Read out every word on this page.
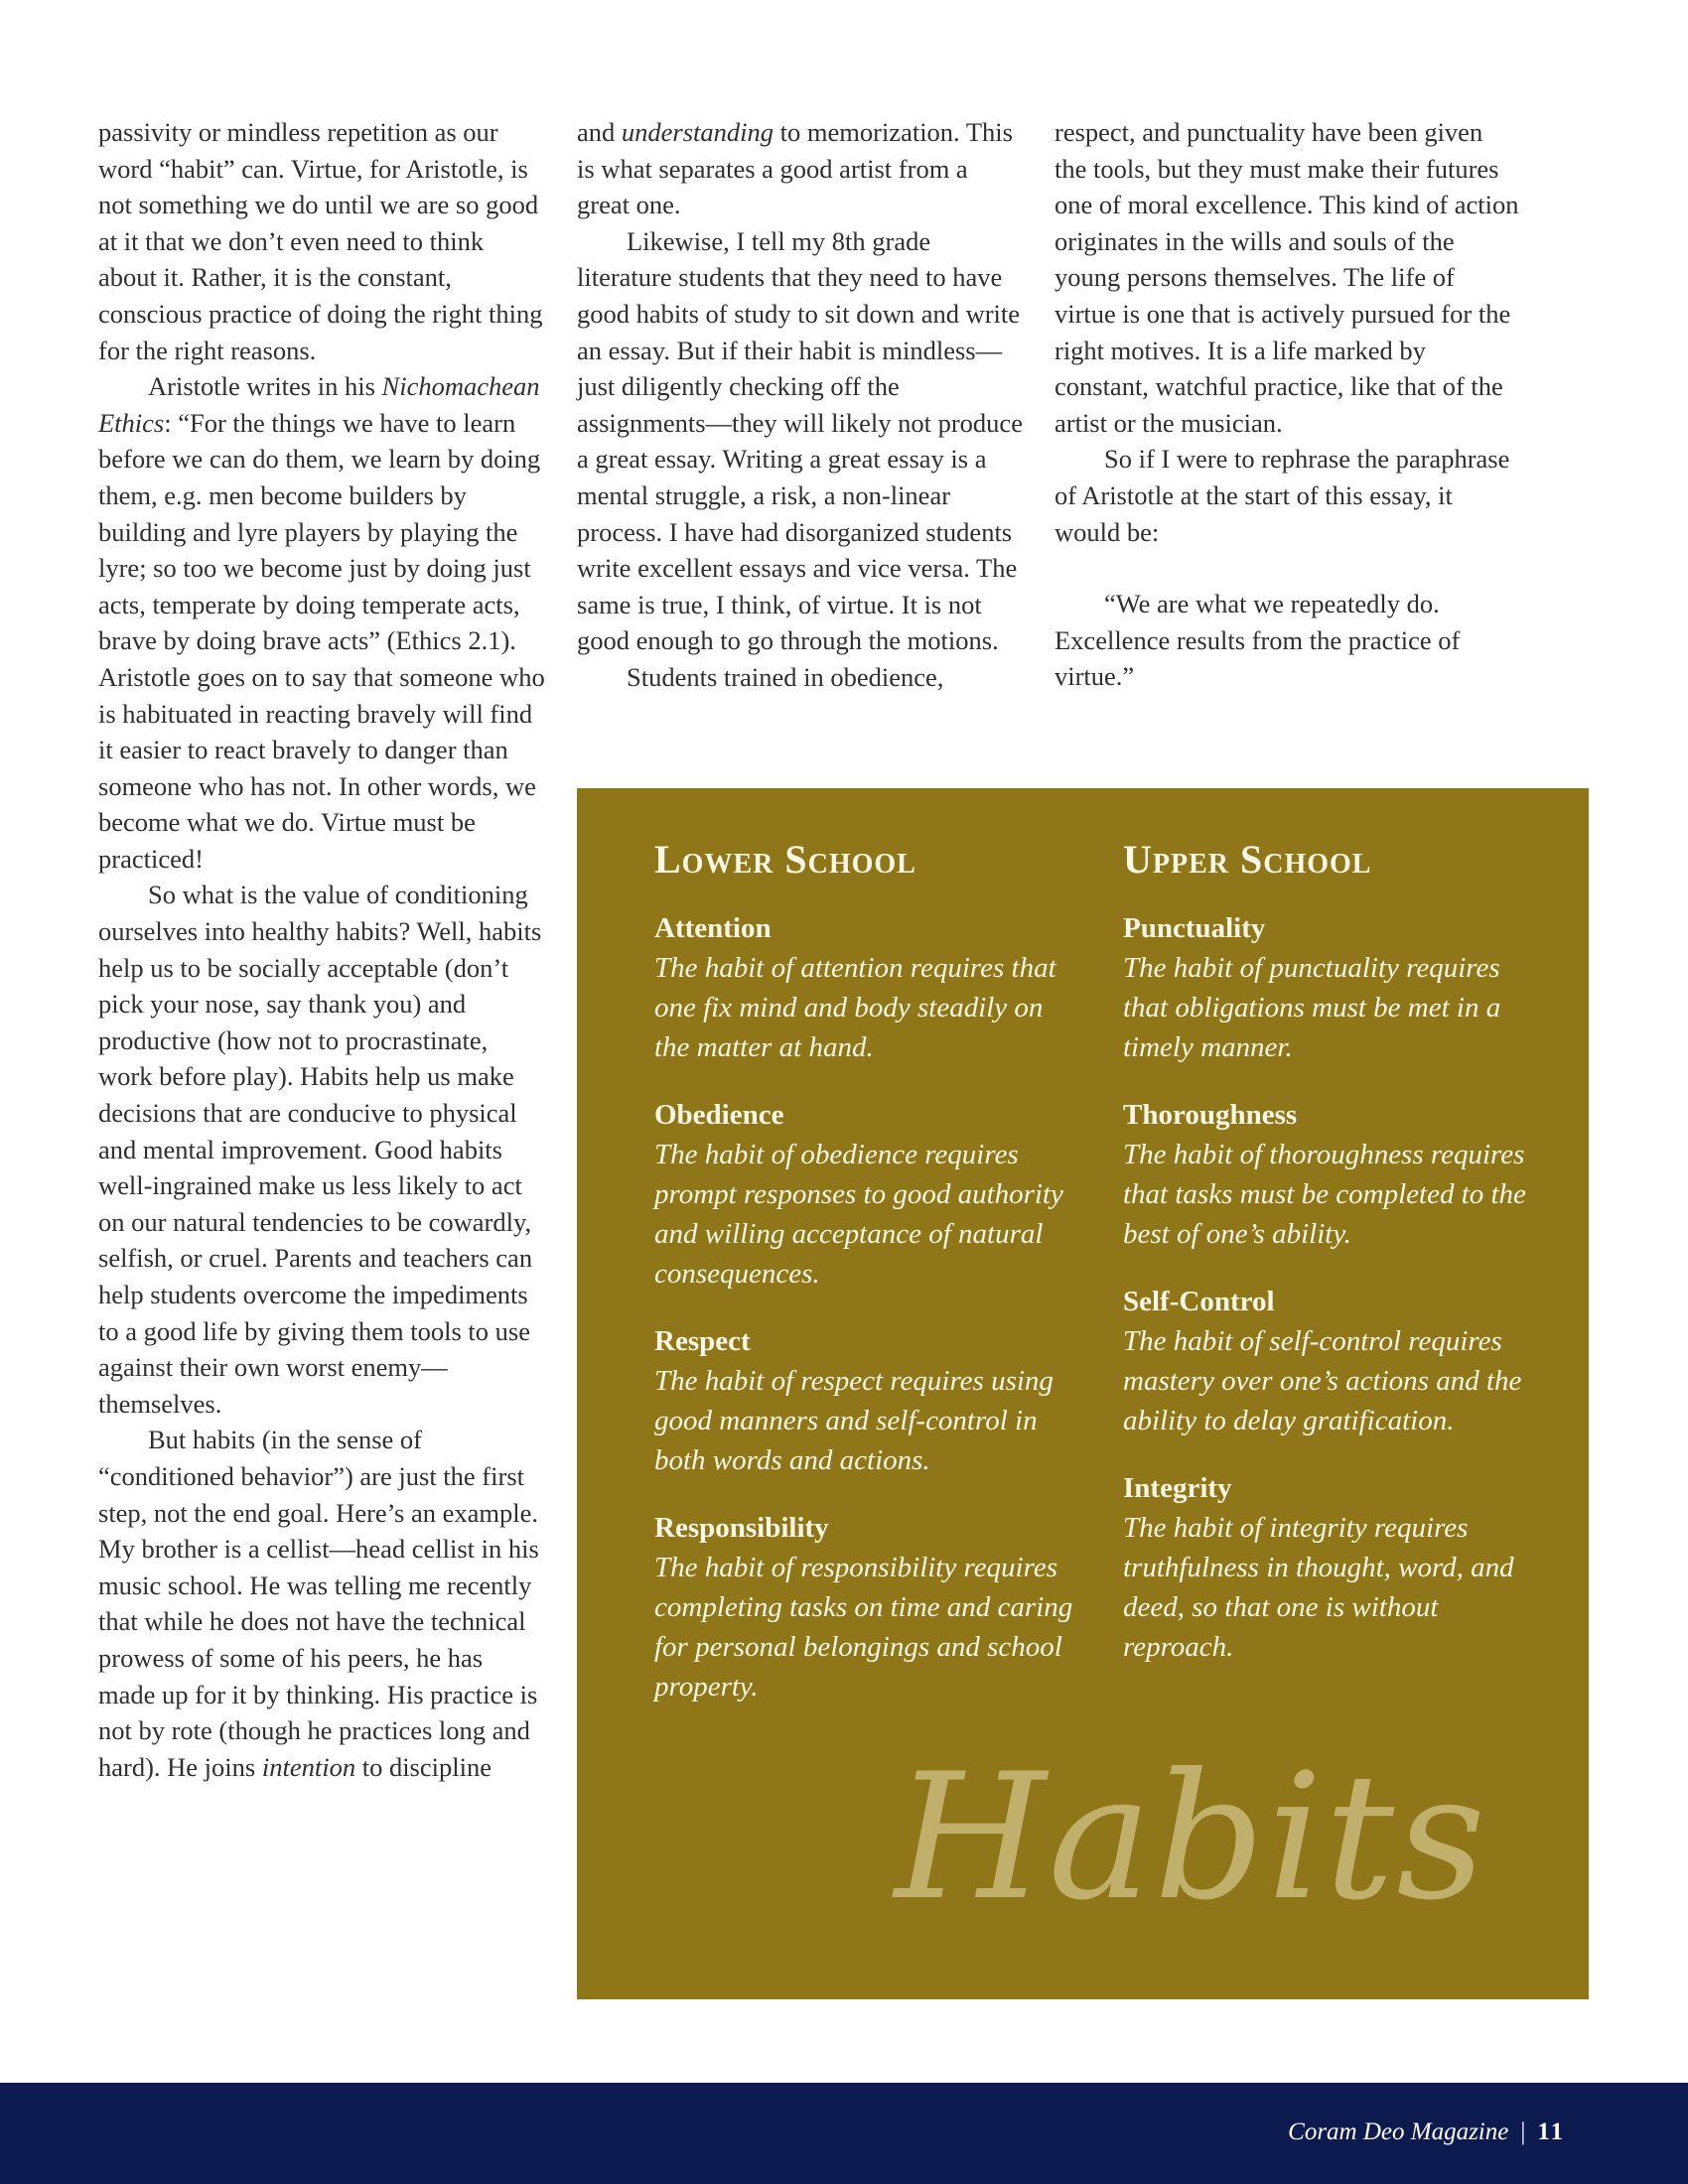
passivity or mindless repetition as our word “habit” can. Virtue, for Aristotle, is not something we do until we are so good at it that we don’t even need to think about it. Rather, it is the constant, conscious practice of doing the right thing for the right reasons.

Aristotle writes in his Nichomachean Ethics: “For the things we have to learn before we can do them, we learn by doing them, e.g. men become builders by building and lyre players by playing the lyre; so too we become just by doing just acts, temperate by doing temperate acts, brave by doing brave acts” (Ethics 2.1). Aristotle goes on to say that someone who is habituated in reacting bravely will find it easier to react bravely to danger than someone who has not. In other words, we become what we do. Virtue must be practiced!

So what is the value of conditioning ourselves into healthy habits? Well, habits help us to be socially acceptable (don’t pick your nose, say thank you) and productive (how not to procrastinate, work before play). Habits help us make decisions that are conducive to physical and mental improvement. Good habits well-ingrained make us less likely to act on our natural tendencies to be cowardly, selfish, or cruel. Parents and teachers can help students overcome the impediments to a good life by giving them tools to use against their own worst enemy—themselves.

But habits (in the sense of “conditioned behavior”) are just the first step, not the end goal. Here’s an example. My brother is a cellist—head cellist in his music school. He was telling me recently that while he does not have the technical prowess of some of his peers, he has made up for it by thinking. His practice is not by rote (though he practices long and hard). He joins intention to discipline

and understanding to memorization. This is what separates a good artist from a great one.

Likewise, I tell my 8th grade literature students that they need to have good habits of study to sit down and write an essay. But if their habit is mindless—just diligently checking off the assignments—they will likely not produce a great essay. Writing a great essay is a mental struggle, a risk, a non-linear process. I have had disorganized students write excellent essays and vice versa. The same is true, I think, of virtue. It is not good enough to go through the motions.

Students trained in obedience,

respect, and punctuality have been given the tools, but they must make their futures one of moral excellence. This kind of action originates in the wills and souls of the young persons themselves. The life of virtue is one that is actively pursued for the right motives. It is a life marked by constant, watchful practice, like that of the artist or the musician.

So if I were to rephrase the paraphrase of Aristotle at the start of this essay, it would be:

“We are what we repeatedly do. Excellence results from the practice of virtue.”

Lower School
Attention

The habit of attention requires that one fix mind and body steadily on the matter at hand.

Obedience

The habit of obedience requires prompt responses to good authority and willing acceptance of natural consequences.

Respect

The habit of respect requires using good manners and self-control in both words and actions.

Responsibility

The habit of responsibility requires completing tasks on time and caring for personal belongings and school property.

Upper School
Punctuality

The habit of punctuality requires that obligations must be met in a timely manner.

Thoroughness

The habit of thoroughness requires that tasks must be completed to the best of one’s ability.

Self-Control

The habit of self-control requires mastery over one’s actions and the ability to delay gratification.

Integrity

The habit of integrity requires truthfulness in thought, word, and deed, so that one is without reproach.

Habits
Coram Deo Magazine | 11
